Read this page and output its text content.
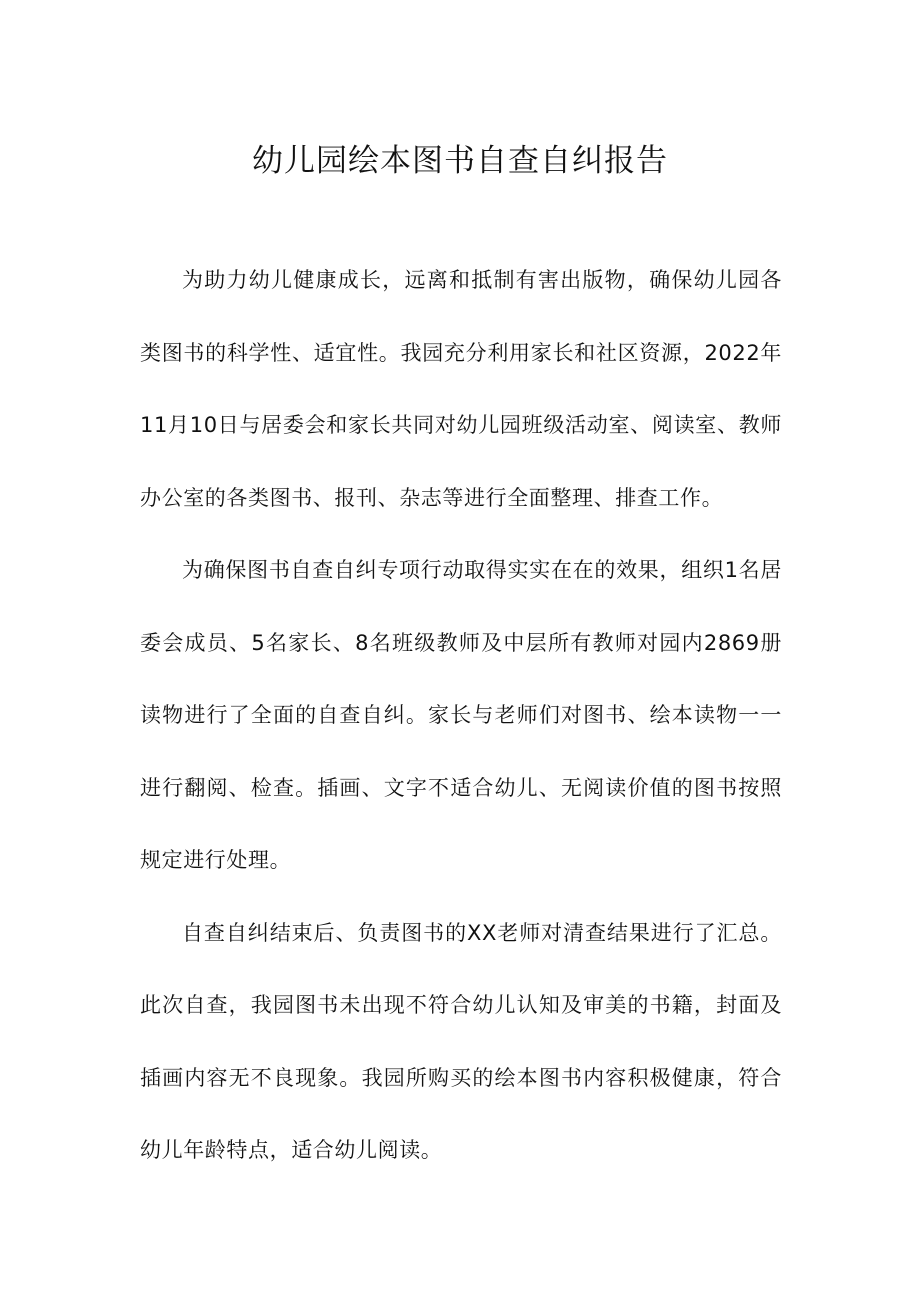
幼儿园绘本图书自查自纠报告

为助力幼儿健康成长，远离和抵制有害出版物，确保幼儿园各类图书的科学性、适宜性。我园充分利用家长和社区资源，2022年11月10日与居委会和家长共同对幼儿园班级活动室、阅读室、教师办公室的各类图书、报刊、杂志等进行全面整理、排查工作。

为确保图书自查自纠专项行动取得实实在在的效果，组织1名居委会成员、5名家长、8名班级教师及中层所有教师对园内2869册读物进行了全面的自查自纠。家长与老师们对图书、绘本读物一一进行翻阅、检查。插画、文字不适合幼儿、无阅读价值的图书按照规定进行处理。

自查自纠结束后、负责图书的XX老师对清查结果进行了汇总。此次自查，我园图书未出现不符合幼儿认知及审美的书籍，封面及插画内容无不良现象。我园所购买的绘本图书内容积极健康，符合幼儿年龄特点，适合幼儿阅读。
